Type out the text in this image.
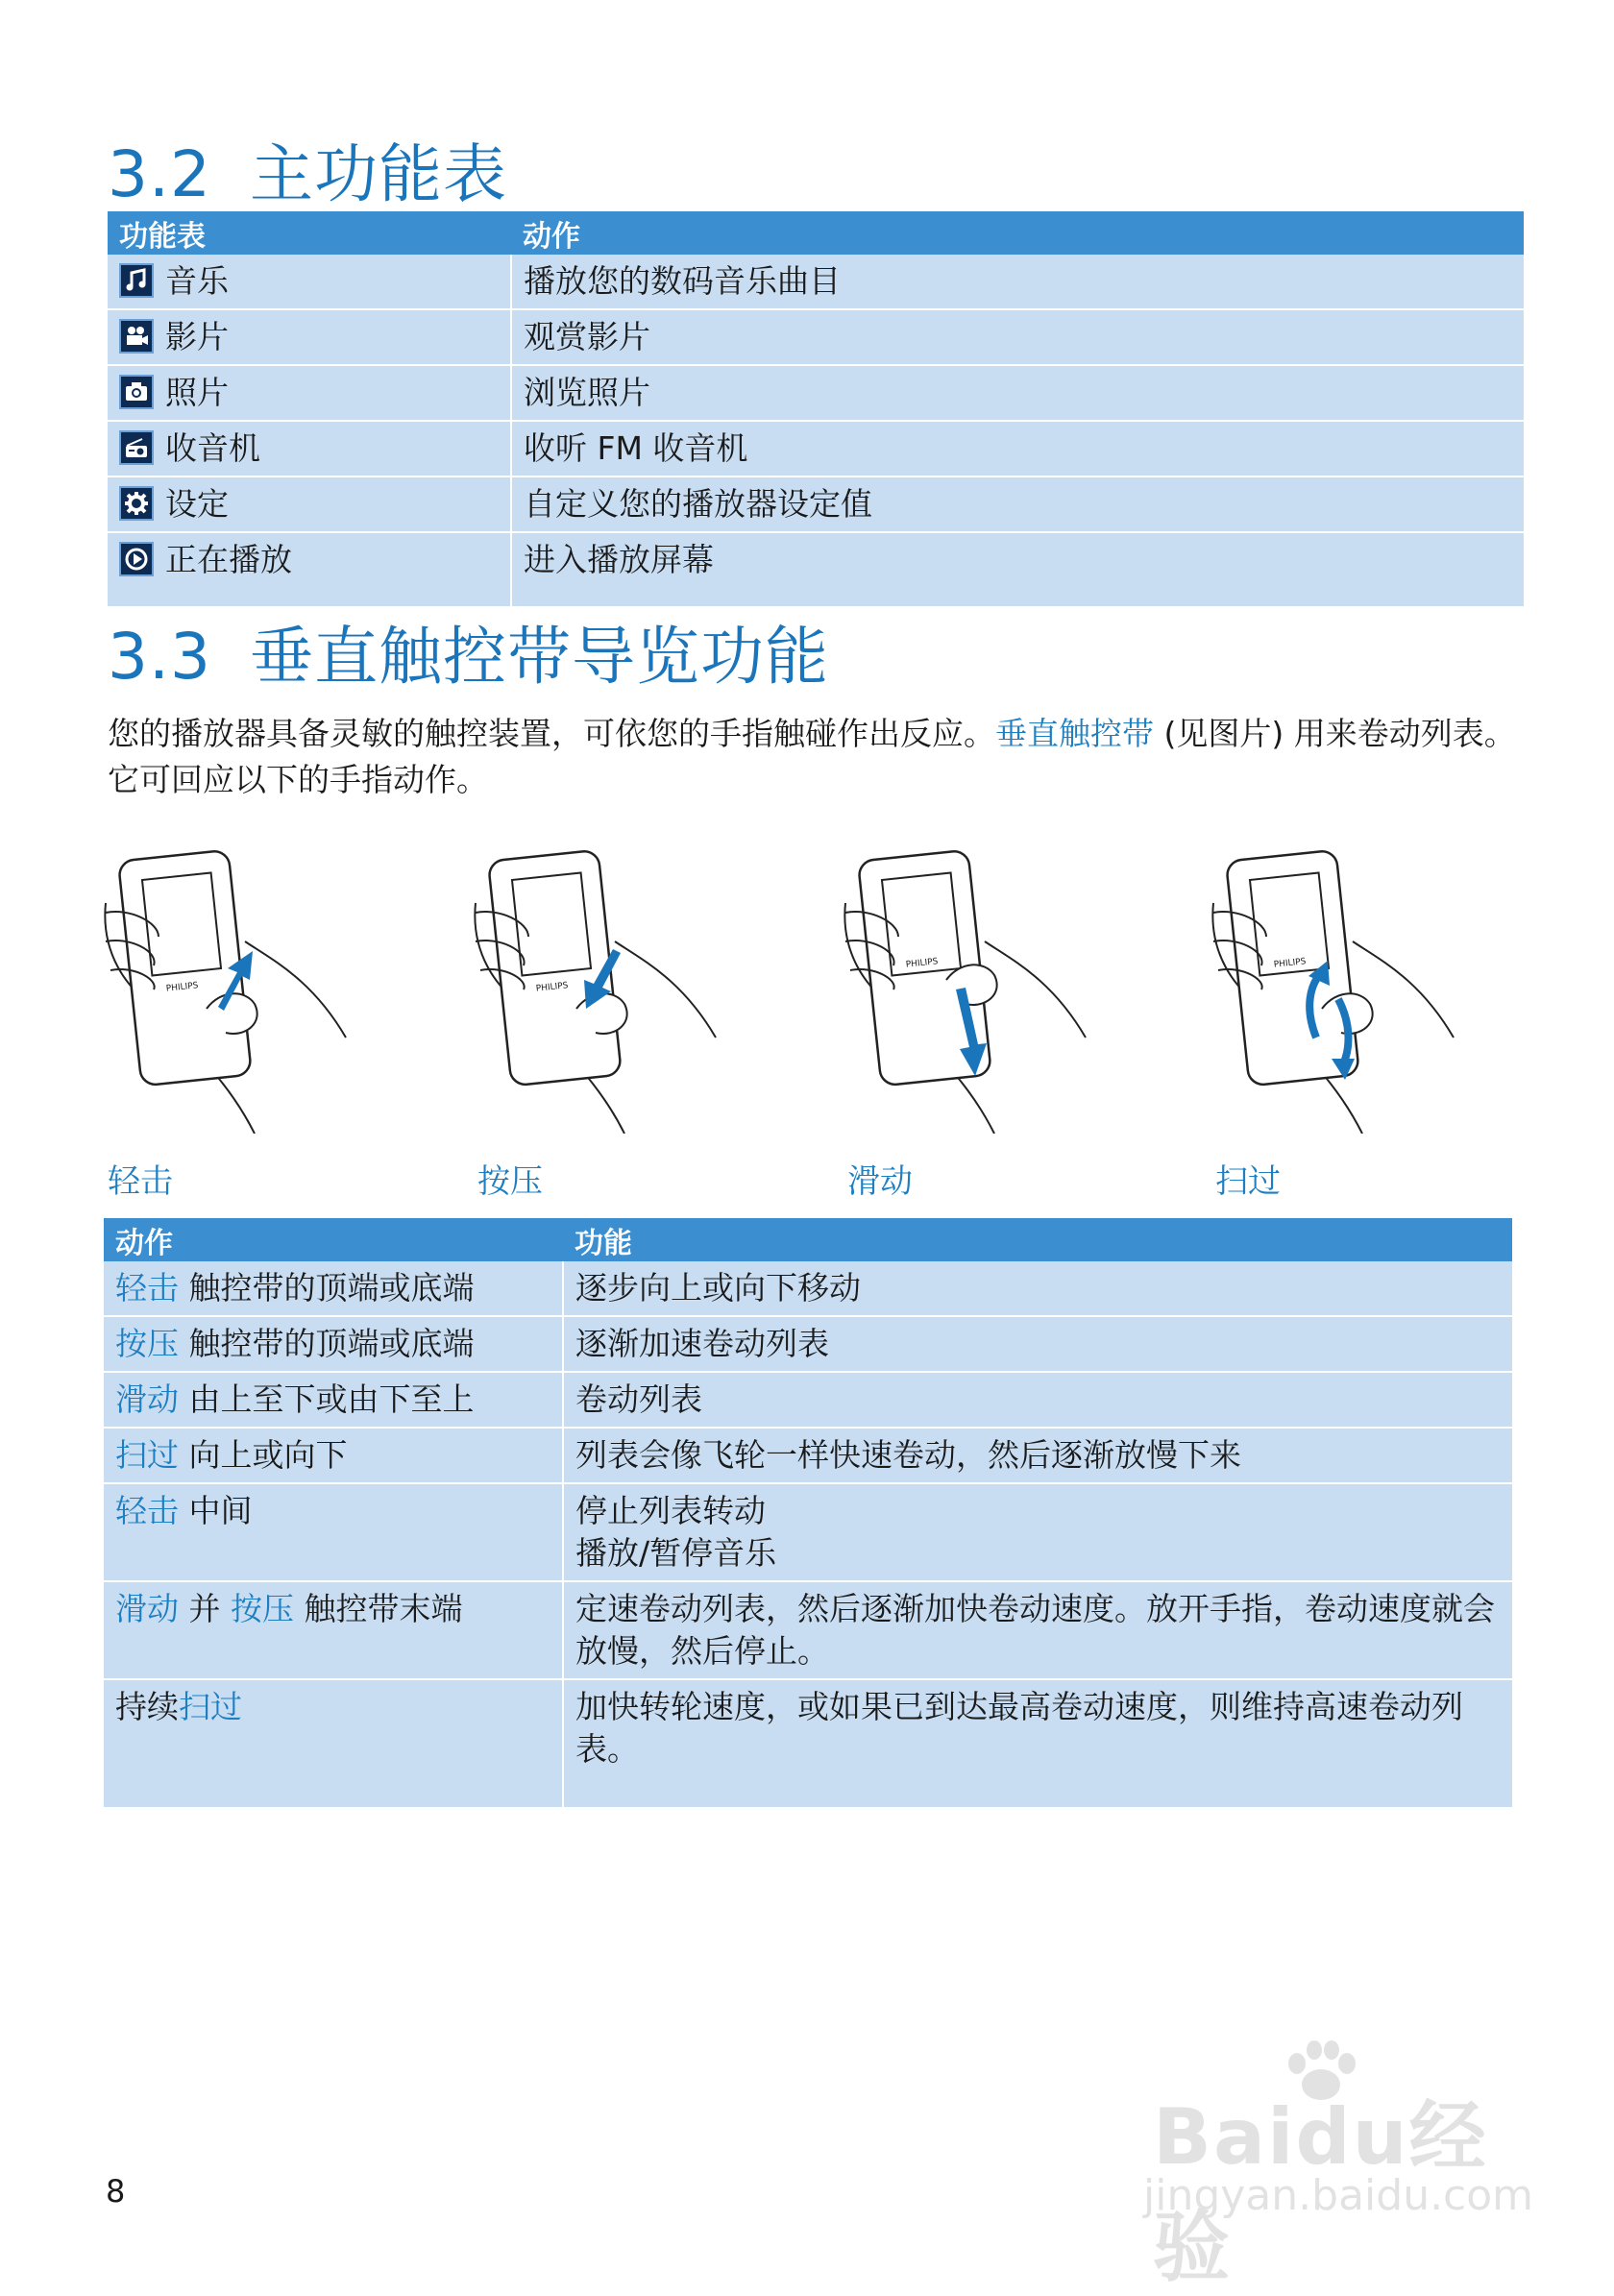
3.2 主功能表
功能表	动作

音乐	播放您的数码音乐曲目

影片	观赏影片

照片	浏览照片

收音机	收听 FM 收音机

设定	自定义您的播放器设定值

正在播放	进入播放屏幕
3.3 垂直触控带导览功能

您的播放器具备灵敏的触控装置，可依您的手指触碰作出反应。垂直触控带 (见图片) 用来卷动列表。它可回应以下的手指动作。

PHILIPS	PHILIPS
PHILIPS	PHILIPS
轻击	按压	滑动	扫过
动作	功能
轻击 触控带的顶端或底端	逐步向上或向下移动
按压 触控带的顶端或底端	逐渐加速卷动列表
滑动 由上至下或由下至上	卷动列表
扫过 向上或向下	列表会像飞轮一样快速卷动，然后逐渐放慢下来
轻击 中间	停止列表转动
播放/暂停音乐

滑动 并 按压 触控带末端	定速卷动列表，然后逐渐加快卷动速度。放开手指，卷动速度就会放慢，然后停止。
持续扫过	加快转轮速度，或如果已到达最高卷动速度，则维持高速卷动列表。
8
Baidu经验
jingyan.baidu.com
